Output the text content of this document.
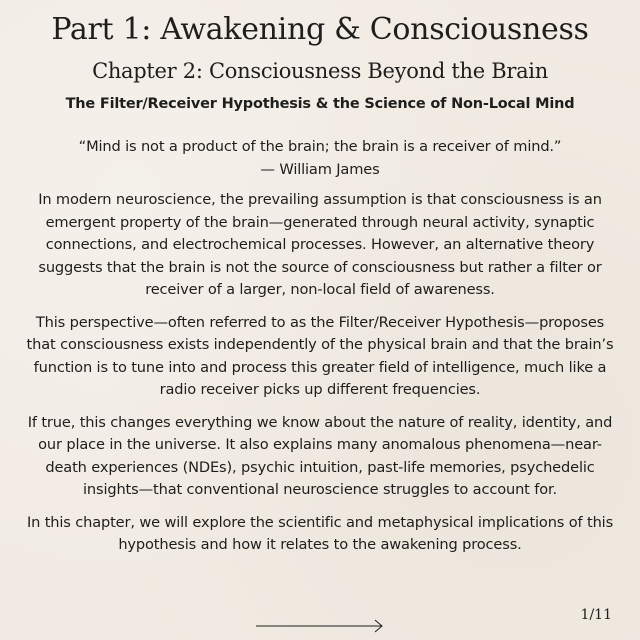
Part 1: Awakening & Consciousness
Chapter 2: Consciousness Beyond the Brain
The Filter/Receiver Hypothesis & the Science of Non-Local Mind

“Mind is not a product of the brain; the brain is a receiver of mind.”
— William James

In modern neuroscience, the prevailing assumption is that consciousness is an emergent property of the brain—generated through neural activity, synaptic connections, and electrochemical processes. However, an alternative theory suggests that the brain is not the source of consciousness but rather a filter or receiver of a larger, non-local field of awareness.

This perspective—often referred to as the Filter/Receiver Hypothesis—proposes that consciousness exists independently of the physical brain and that the brain’s function is to tune into and process this greater field of intelligence, much like a radio receiver picks up different frequencies.

If true, this changes everything we know about the nature of reality, identity, and our place in the universe. It also explains many anomalous phenomena—near-death experiences (NDEs), psychic intuition, past-life memories, psychedelic insights—that conventional neuroscience struggles to account for.

In this chapter, we will explore the scientific and metaphysical implications of this hypothesis and how it relates to the awakening process.

1/11
